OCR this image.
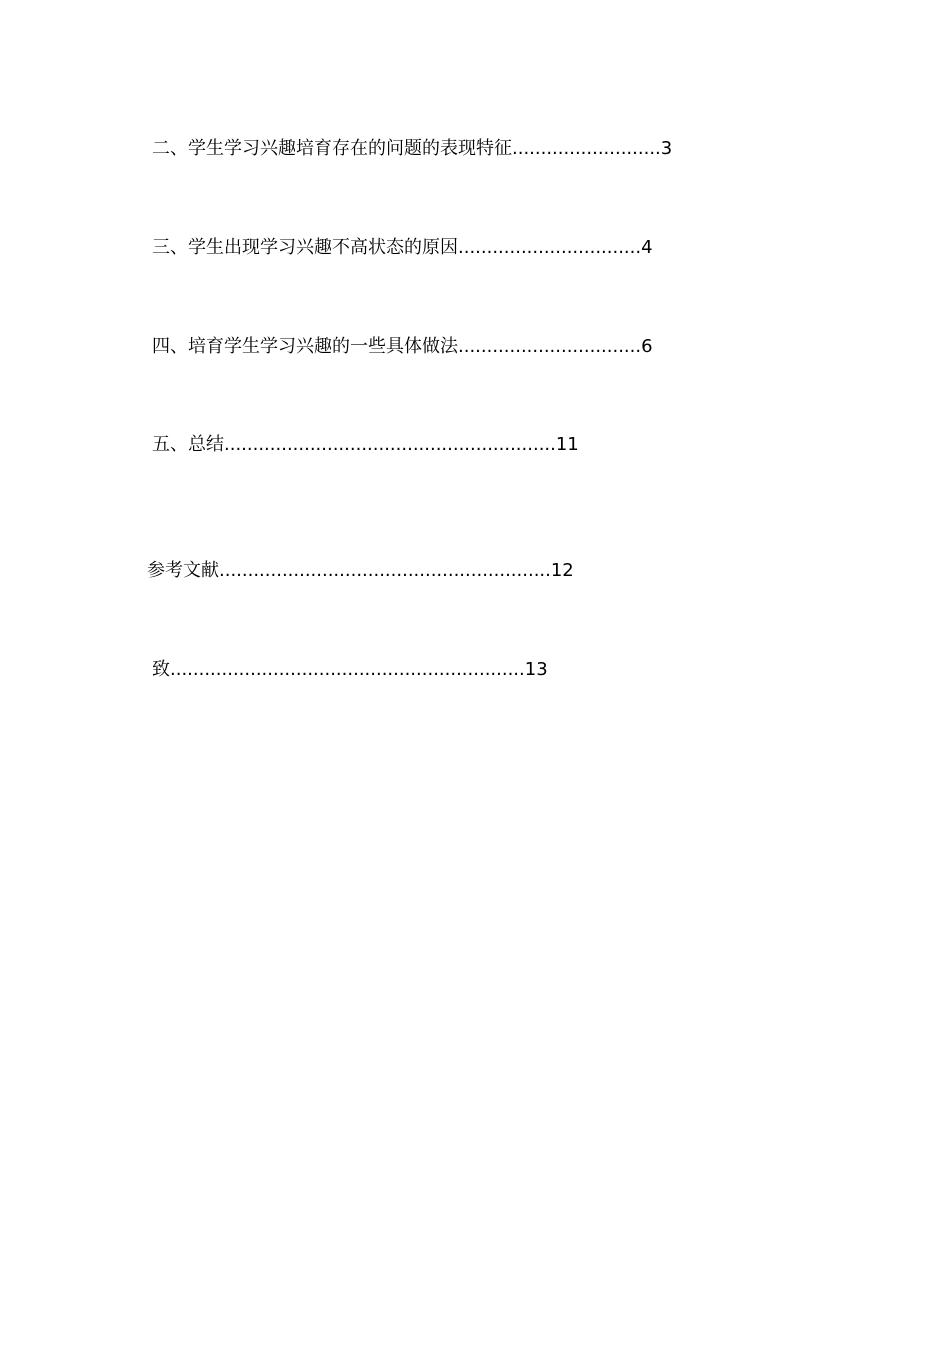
二、学生学习兴趣培育存在的问题的表现特征..........................3
三、学生出现学习兴趣不高状态的原因................................4
四、培育学生学习兴趣的一些具体做法................................6
五、总结..........................................................11
参考文献..........................................................12
致..............................................................13
